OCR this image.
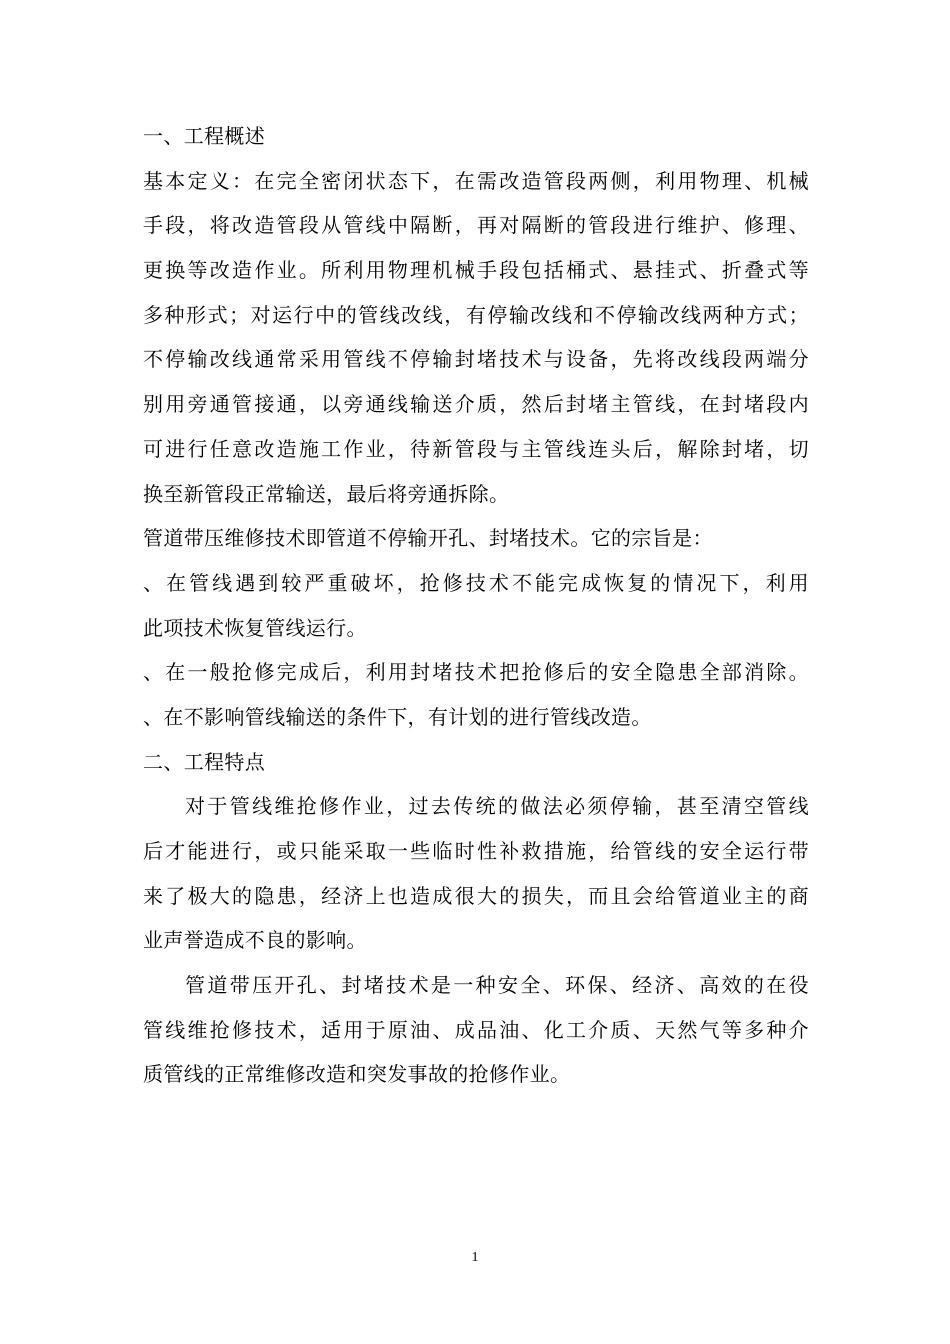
一、工程概述
基本定义：在完全密闭状态下，在需改造管段两侧，利用物理、机械
手段，将改造管段从管线中隔断，再对隔断的管段进行维护、修理、
更换等改造作业。所利用物理机械手段包括桶式、悬挂式、折叠式等
多种形式；对运行中的管线改线，有停输改线和不停输改线两种方式；
不停输改线通常采用管线不停输封堵技术与设备，先将改线段两端分
别用旁通管接通，以旁通线输送介质，然后封堵主管线，在封堵段内
可进行任意改造施工作业，待新管段与主管线连头后，解除封堵，切
换至新管段正常输送，最后将旁通拆除。
管道带压维修技术即管道不停输开孔、封堵技术。它的宗旨是：
、在管线遇到较严重破坏，抢修技术不能完成恢复的情况下，利用
此项技术恢复管线运行。
、在一般抢修完成后，利用封堵技术把抢修后的安全隐患全部消除。
、在不影响管线输送的条件下，有计划的进行管线改造。
二、工程特点
对于管线维抢修作业，过去传统的做法必须停输，甚至清空管线
后才能进行，或只能采取一些临时性补救措施，给管线的安全运行带
来了极大的隐患，经济上也造成很大的损失，而且会给管道业主的商
业声誉造成不良的影响。
管道带压开孔、封堵技术是一种安全、环保、经济、高效的在役
管线维抢修技术，适用于原油、成品油、化工介质、天然气等多种介
质管线的正常维修改造和突发事故的抢修作业。
1
